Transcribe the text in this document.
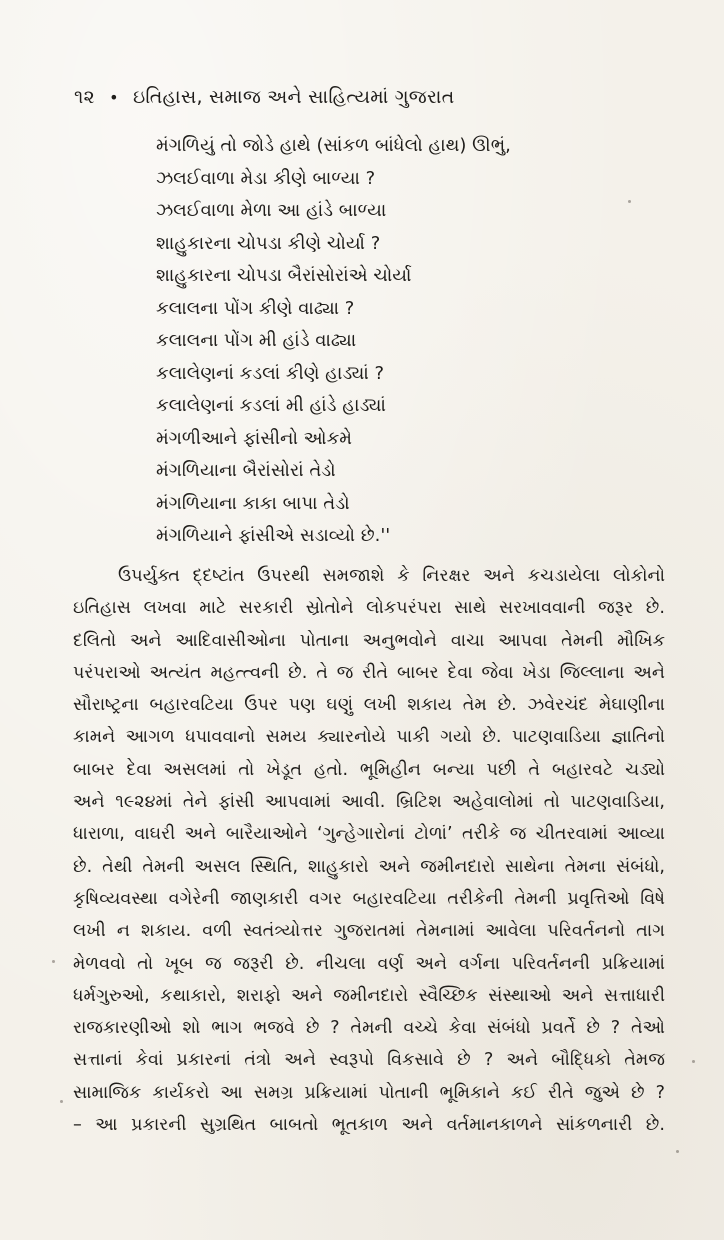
૧૨ • ઇતિહાસ, સમાજ અને સાહિત્યમાં ગુજરાત
મંગળિયું તો જોડે હાથે (સાંકળ બાંધેલો હાથ) ઊભું,
ઝલઈવાળા મેડા કીણે બાળ્યા ?
ઝલઈવાળા મેળા આ હાંડે બાળ્યા
શાહુકારના ચોપડા કીણે ચોર્યા ?
શાહુકારના ચોપડા બૈરાંસોરાંએ ચોર્યા
કલાલના પોંગ કીણે વાઢ્યા ?
કલાલના પોંગ મી હાંડે વાઢ્યા
કલાલેણનાં કડલાં કીણે હાડ્યાં ?
કલાલેણનાં કડલાં મી હાંડે હાડ્યાં
મંગળીઆને ફાંસીનો ઓકમે
મંગળિયાના બૈરાંસોરાં તેડો
મંગળિયાના કાકા બાપા તેડો
મંગળિયાને ફાંસીએ સડાવ્યો છે.''
ઉપર્યુક્ત દ્દષ્ટાંત ઉપરથી સમજાશે કે નિરક્ષર અને કચડાયેલા લોકોનો
ઇતિહાસ લખવા માટે સરકારી સ્રોતોને લોકપરંપરા સાથે સરખાવવાની જરૂર છે.
દલિતો અને આદિવાસીઓના પોતાના અનુભવોને વાચા આપવા તેમની મૌખિક
પરંપરાઓ અત્યંત મહત્ત્વની છે. તે જ રીતે બાબર દેવા જેવા ખેડા જિલ્લાના અને
સૌરાષ્ટ્રના બહારવટિયા ઉપર પણ ઘણું લખી શકાય તેમ છે. ઝવેરચંદ મેઘાણીના
કામને આગળ ધપાવવાનો સમય ક્યારનોયે પાકી ગયો છે. પાટણવાડિયા જ્ઞાતિનો
બાબર દેવા અસલમાં તો ખેડૂત હતો. ભૂમિહીન બન્યા પછી તે બહારવટે ચડ્યો
અને ૧૯૨૪માં તેને ફાંસી આપવામાં આવી. બ્રિટિશ અહેવાલોમાં તો પાટણવાડિયા,
ધારાળા, વાઘરી અને બારૈયાઓને ‘ગુન્હેગારોનાં ટોળાં’ તરીકે જ ચીતરવામાં આવ્યા
છે. તેથી તેમની અસલ સ્થિતિ, શાહુકારો અને જમીનદારો સાથેના તેમના સંબંધો,
કૃષિવ્યવસ્થા વગેરેની જાણકારી વગર બહારવટિયા તરીકેની તેમની પ્રવૃત્તિઓ વિષે
લખી ન શકાય. વળી સ્વતંત્ર્યોત્તર ગુજરાતમાં તેમનામાં આવેલા પરિવર્તનનો તાગ
મેળવવો તો ખૂબ જ જરૂરી છે. નીચલા વર્ણ અને વર્ગના પરિવર્તનની પ્રક્રિયામાં
ધર્મગુરુઓ, કથાકારો, શરાફો અને જમીનદારો સ્વૈચ્છિક સંસ્થાઓ અને સત્તાધારી
રાજકારણીઓ શો ભાગ ભજવે છે ? તેમની વચ્ચે કેવા સંબંધો પ્રવર્તે છે ? તેઓ
સત્તાનાં કેવાં પ્રકારનાં તંત્રો અને સ્વરૂપો વિકસાવે છે ? અને બૌદ્ધિકો તેમજ
સામાજિક કાર્યકરો આ સમગ્ર પ્રક્રિયામાં પોતાની ભૂમિકાને કઈ રીતે જુએ છે ?
– આ પ્રકારની સુગ્રથિત બાબતો ભૂતકાળ અને વર્તમાનકાળને સાંકળનારી છે.
